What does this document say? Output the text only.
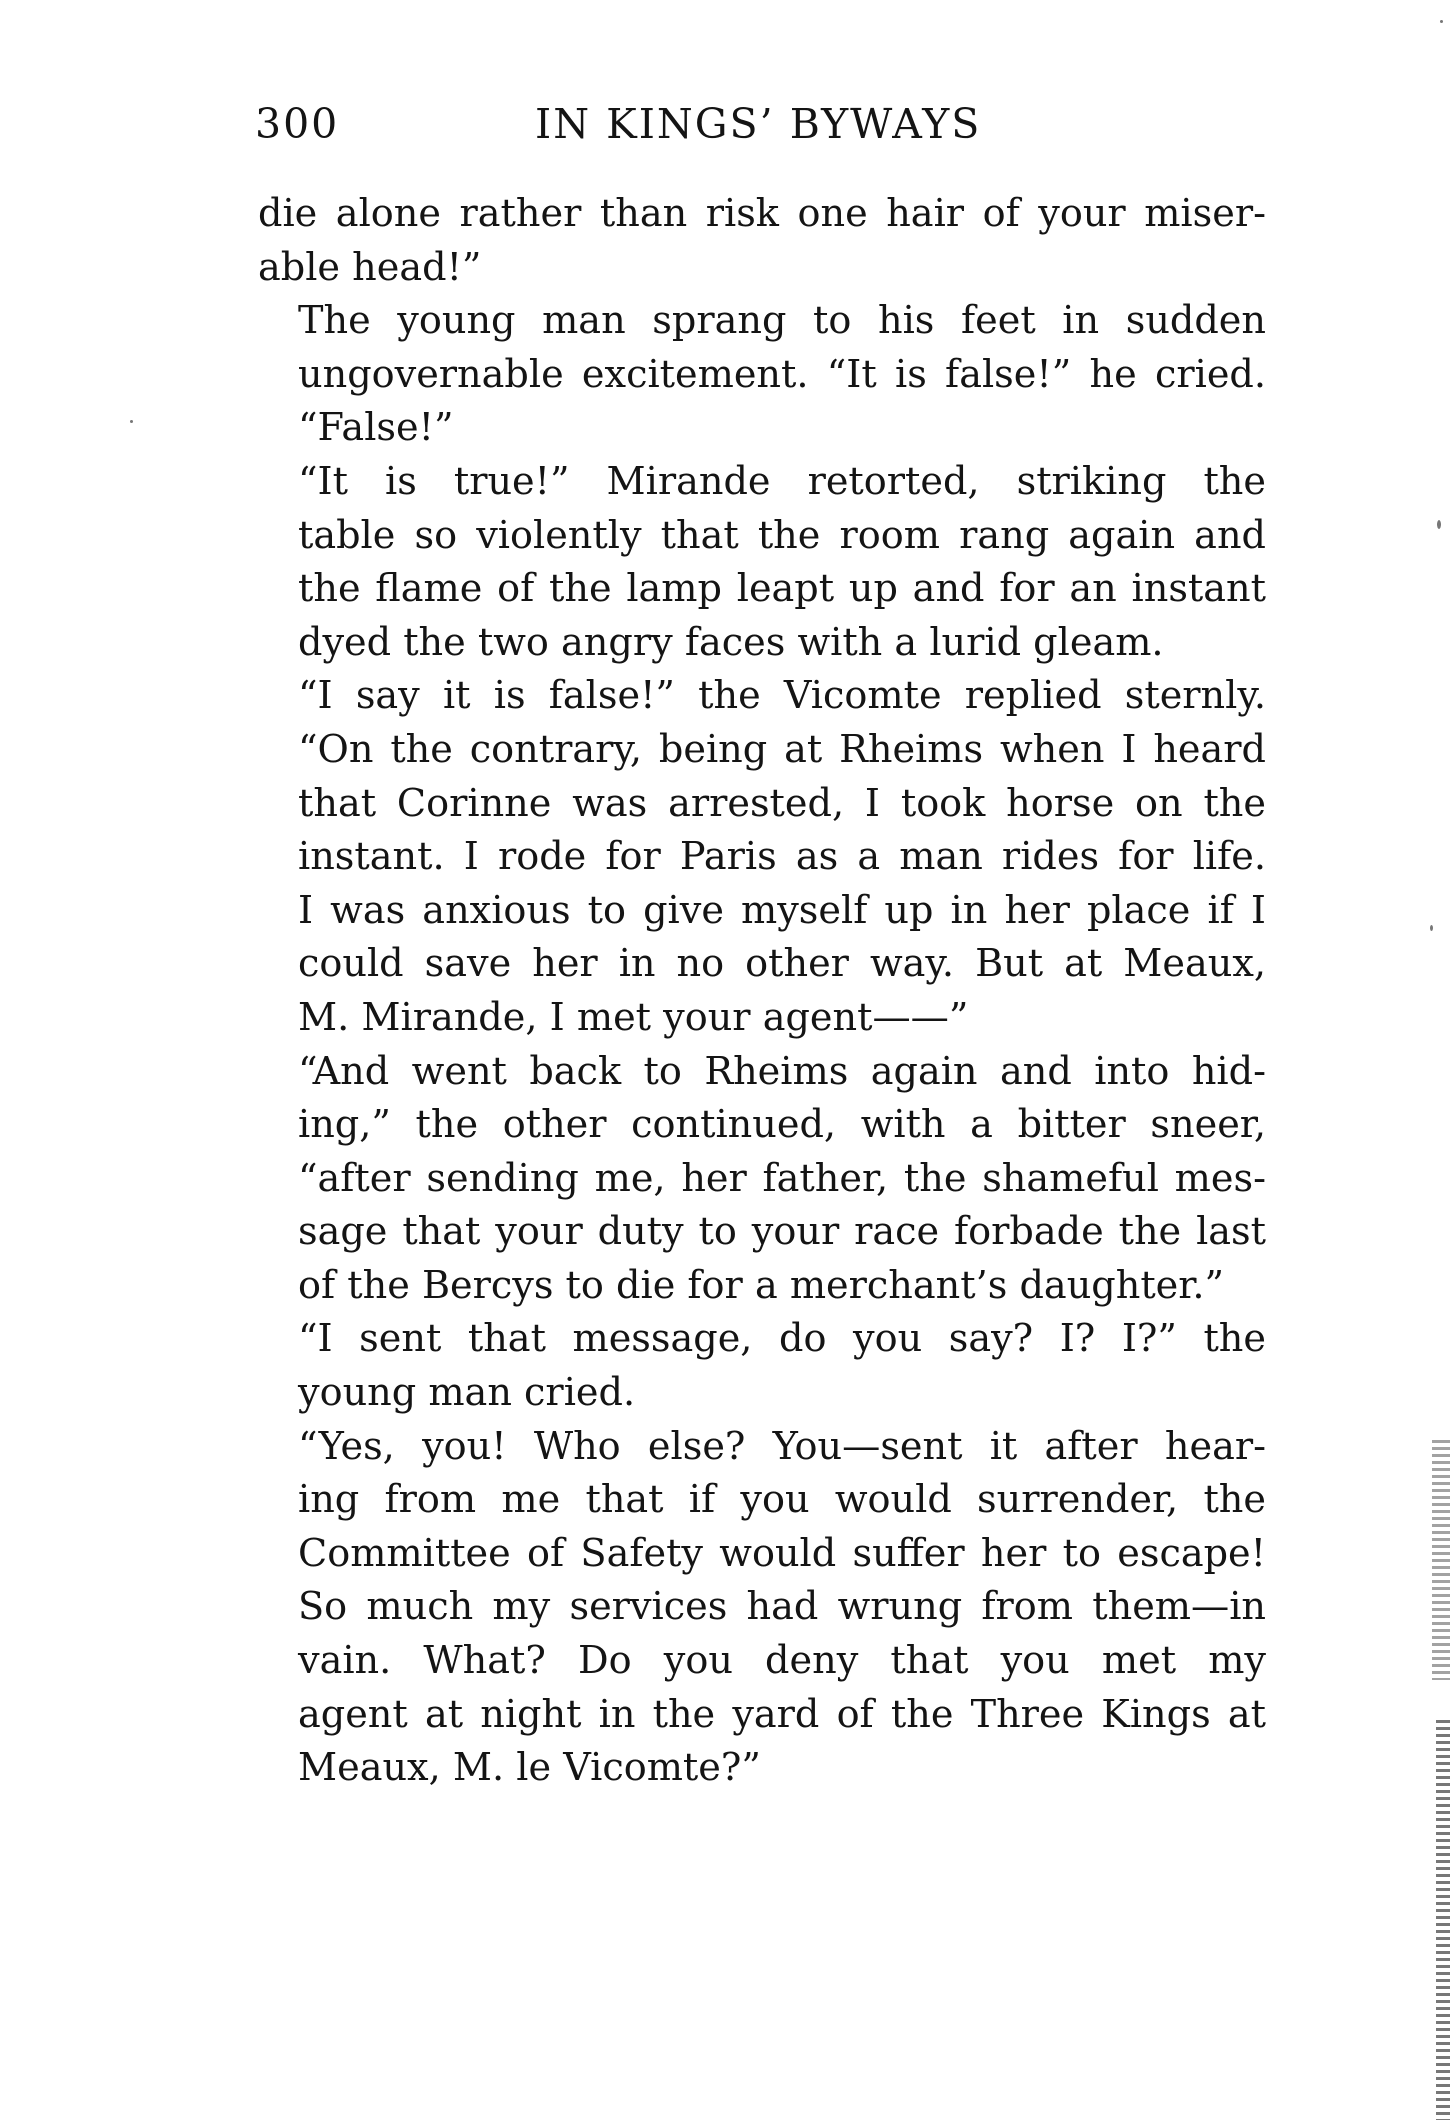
300	IN KINGS’ BYWAYS

die alone rather than risk one hair of your miser-
able head!”

The young man sprang to his feet in sudden
ungovernable excitement. “It is false!” he cried.
“False!”

“It is true!” Mirande retorted, striking the
table so violently that the room rang again and
the flame of the lamp leapt up and for an instant
dyed the two angry faces with a lurid gleam.

“I say it is false!” the Vicomte replied sternly.
“On the contrary, being at Rheims when I heard
that Corinne was arrested, I took horse on the
instant. I rode for Paris as a man rides for life.
I was anxious to give myself up in her place if I
could save her in no other way. But at Meaux,
M. Mirande, I met your agent——”

“And went back to Rheims again and into hid-
ing,” the other continued, with a bitter sneer,
“after sending me, her father, the shameful mes-
sage that your duty to your race forbade the last
of the Bercys to die for a merchant’s daughter.”

“I sent that message, do you say? I? I?” the
young man cried.

“Yes, you! Who else? You—sent it after hear-
ing from me that if you would surrender, the
Committee of Safety would suffer her to escape!
So much my services had wrung from them—in
vain. What? Do you deny that you met my
agent at night in the yard of the Three Kings at
Meaux, M. le Vicomte?”
